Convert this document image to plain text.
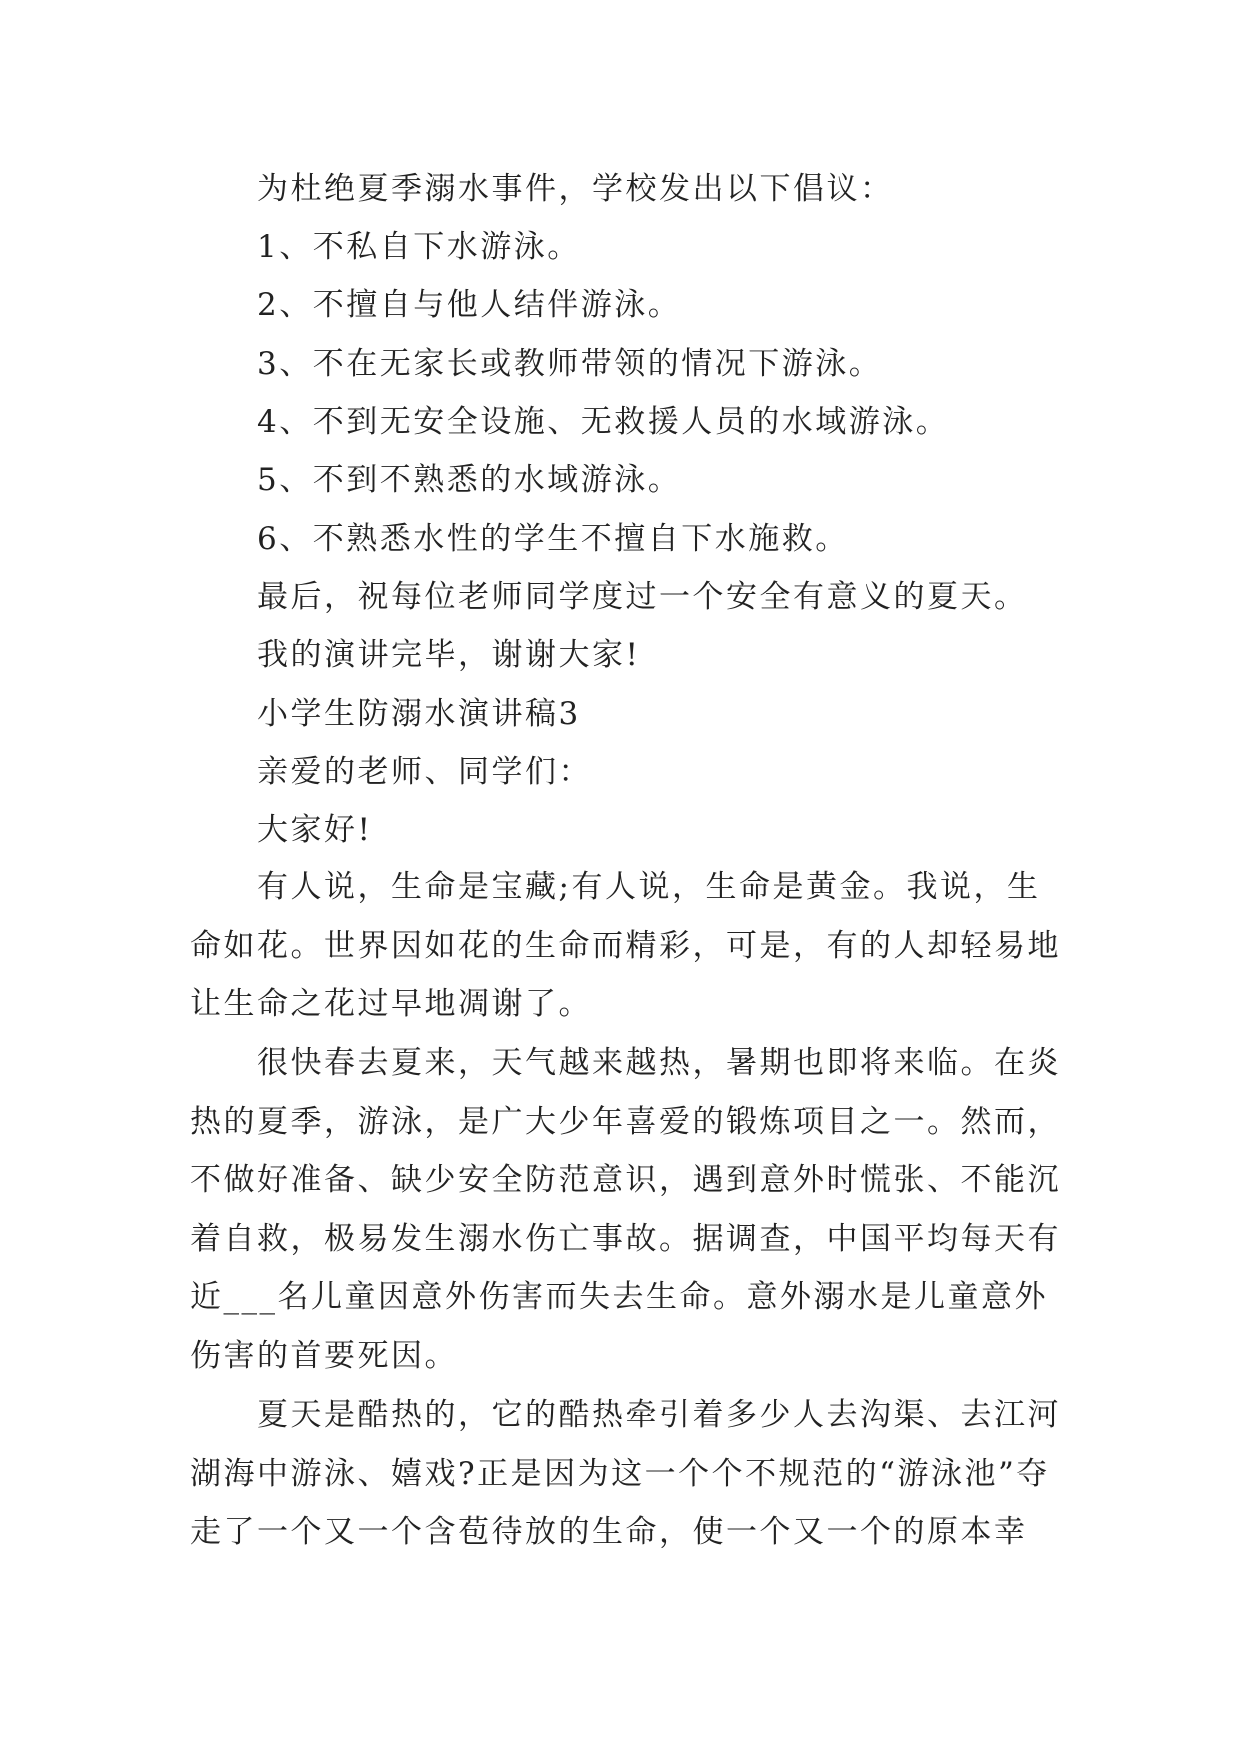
为杜绝夏季溺水事件，学校发出以下倡议：
1、不私自下水游泳。
2、不擅自与他人结伴游泳。
3、不在无家长或教师带领的情况下游泳。
4、不到无安全设施、无救援人员的水域游泳。
5、不到不熟悉的水域游泳。
6、不熟悉水性的学生不擅自下水施救。
最后，祝每位老师同学度过一个安全有意义的夏天。
我的演讲完毕，谢谢大家!
小学生防溺水演讲稿3
亲爱的老师、同学们：
大家好!
有人说，生命是宝藏;有人说，生命是黄金。我说，生命如花。世界因如花的生命而精彩，可是，有的人却轻易地让生命之花过早地凋谢了。
很快春去夏来，天气越来越热，暑期也即将来临。在炎热的夏季，游泳，是广大少年喜爱的锻炼项目之一。然而，不做好准备、缺少安全防范意识，遇到意外时慌张、不能沉着自救，极易发生溺水伤亡事故。据调查，中国平均每天有近___名儿童因意外伤害而失去生命。意外溺水是儿童意外伤害的首要死因。
夏天是酷热的，它的酷热牵引着多少人去沟渠、去江河湖海中游泳、嬉戏?正是因为这一个个不规范的“游泳池”夺走了一个又一个含苞待放的生命，使一个又一个的原本幸
